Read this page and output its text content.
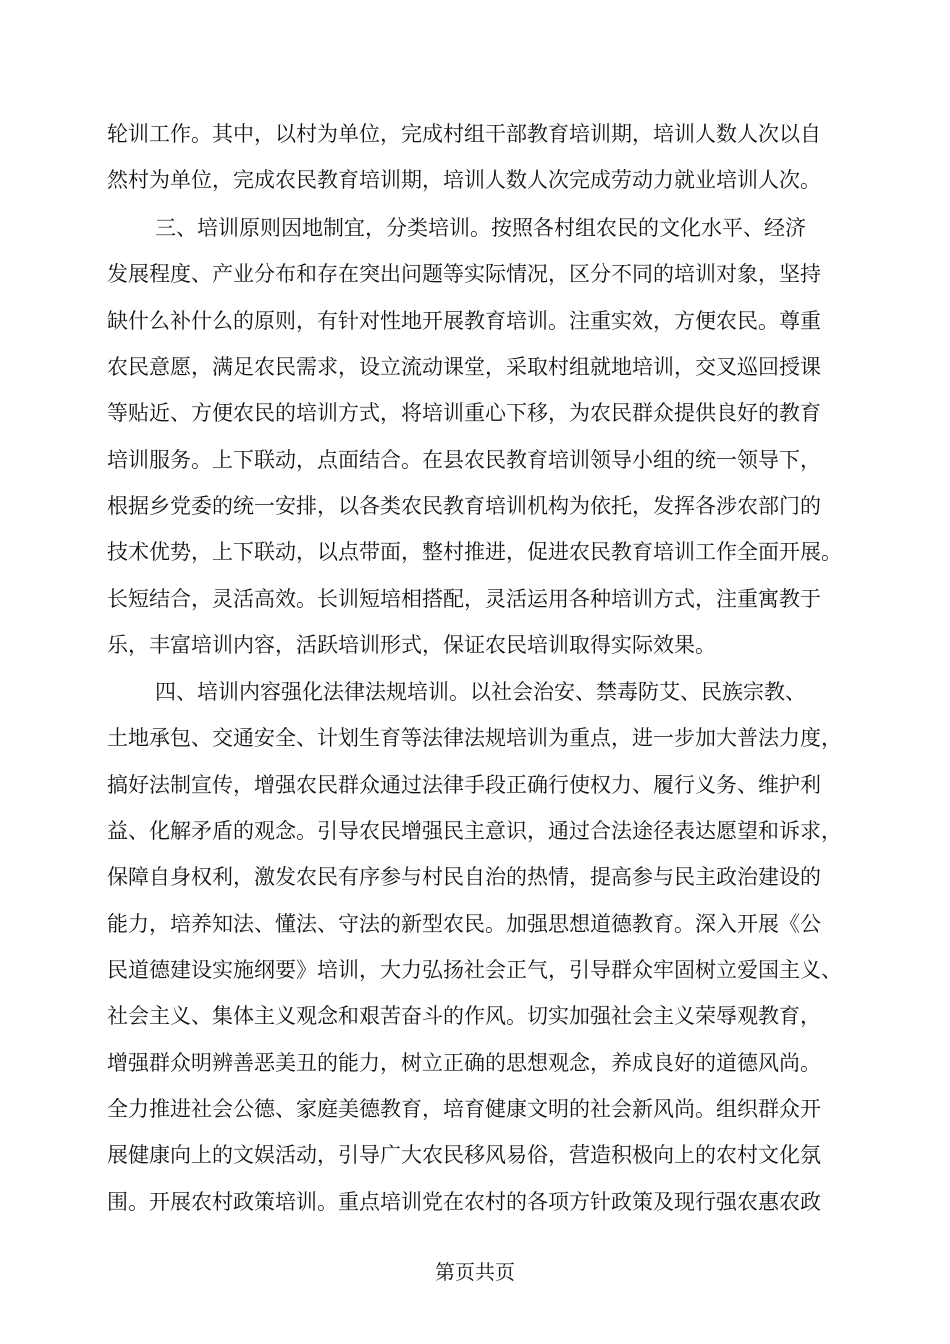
轮训工作。其中，以村为单位，完成村组干部教育培训期，培训人数人次以自
然村为单位，完成农民教育培训期，培训人数人次完成劳动力就业培训人次。
三、培训原则因地制宜，分类培训。按照各村组农民的文化水平、经济
发展程度、产业分布和存在突出问题等实际情况，区分不同的培训对象，坚持
缺什么补什么的原则，有针对性地开展教育培训。注重实效，方便农民。尊重
农民意愿，满足农民需求，设立流动课堂，采取村组就地培训，交叉巡回授课
等贴近、方便农民的培训方式，将培训重心下移，为农民群众提供良好的教育
培训服务。上下联动，点面结合。在县农民教育培训领导小组的统一领导下，
根据乡党委的统一安排，以各类农民教育培训机构为依托，发挥各涉农部门的
技术优势，上下联动，以点带面，整村推进，促进农民教育培训工作全面开展。
长短结合，灵活高效。长训短培相搭配，灵活运用各种培训方式，注重寓教于
乐，丰富培训内容，活跃培训形式，保证农民培训取得实际效果。
四、培训内容强化法律法规培训。以社会治安、禁毒防艾、民族宗教、
土地承包、交通安全、计划生育等法律法规培训为重点，进一步加大普法力度，
搞好法制宣传，增强农民群众通过法律手段正确行使权力、履行义务、维护利
益、化解矛盾的观念。引导农民增强民主意识，通过合法途径表达愿望和诉求，
保障自身权利，激发农民有序参与村民自治的热情，提高参与民主政治建设的
能力，培养知法、懂法、守法的新型农民。加强思想道德教育。深入开展《公
民道德建设实施纲要》培训，大力弘扬社会正气，引导群众牢固树立爱国主义、
社会主义、集体主义观念和艰苦奋斗的作风。切实加强社会主义荣辱观教育，
增强群众明辨善恶美丑的能力，树立正确的思想观念，养成良好的道德风尚。
全力推进社会公德、家庭美德教育，培育健康文明的社会新风尚。组织群众开
展健康向上的文娱活动，引导广大农民移风易俗，营造积极向上的农村文化氛
围。开展农村政策培训。重点培训党在农村的各项方针政策及现行强农惠农政
第页共页
